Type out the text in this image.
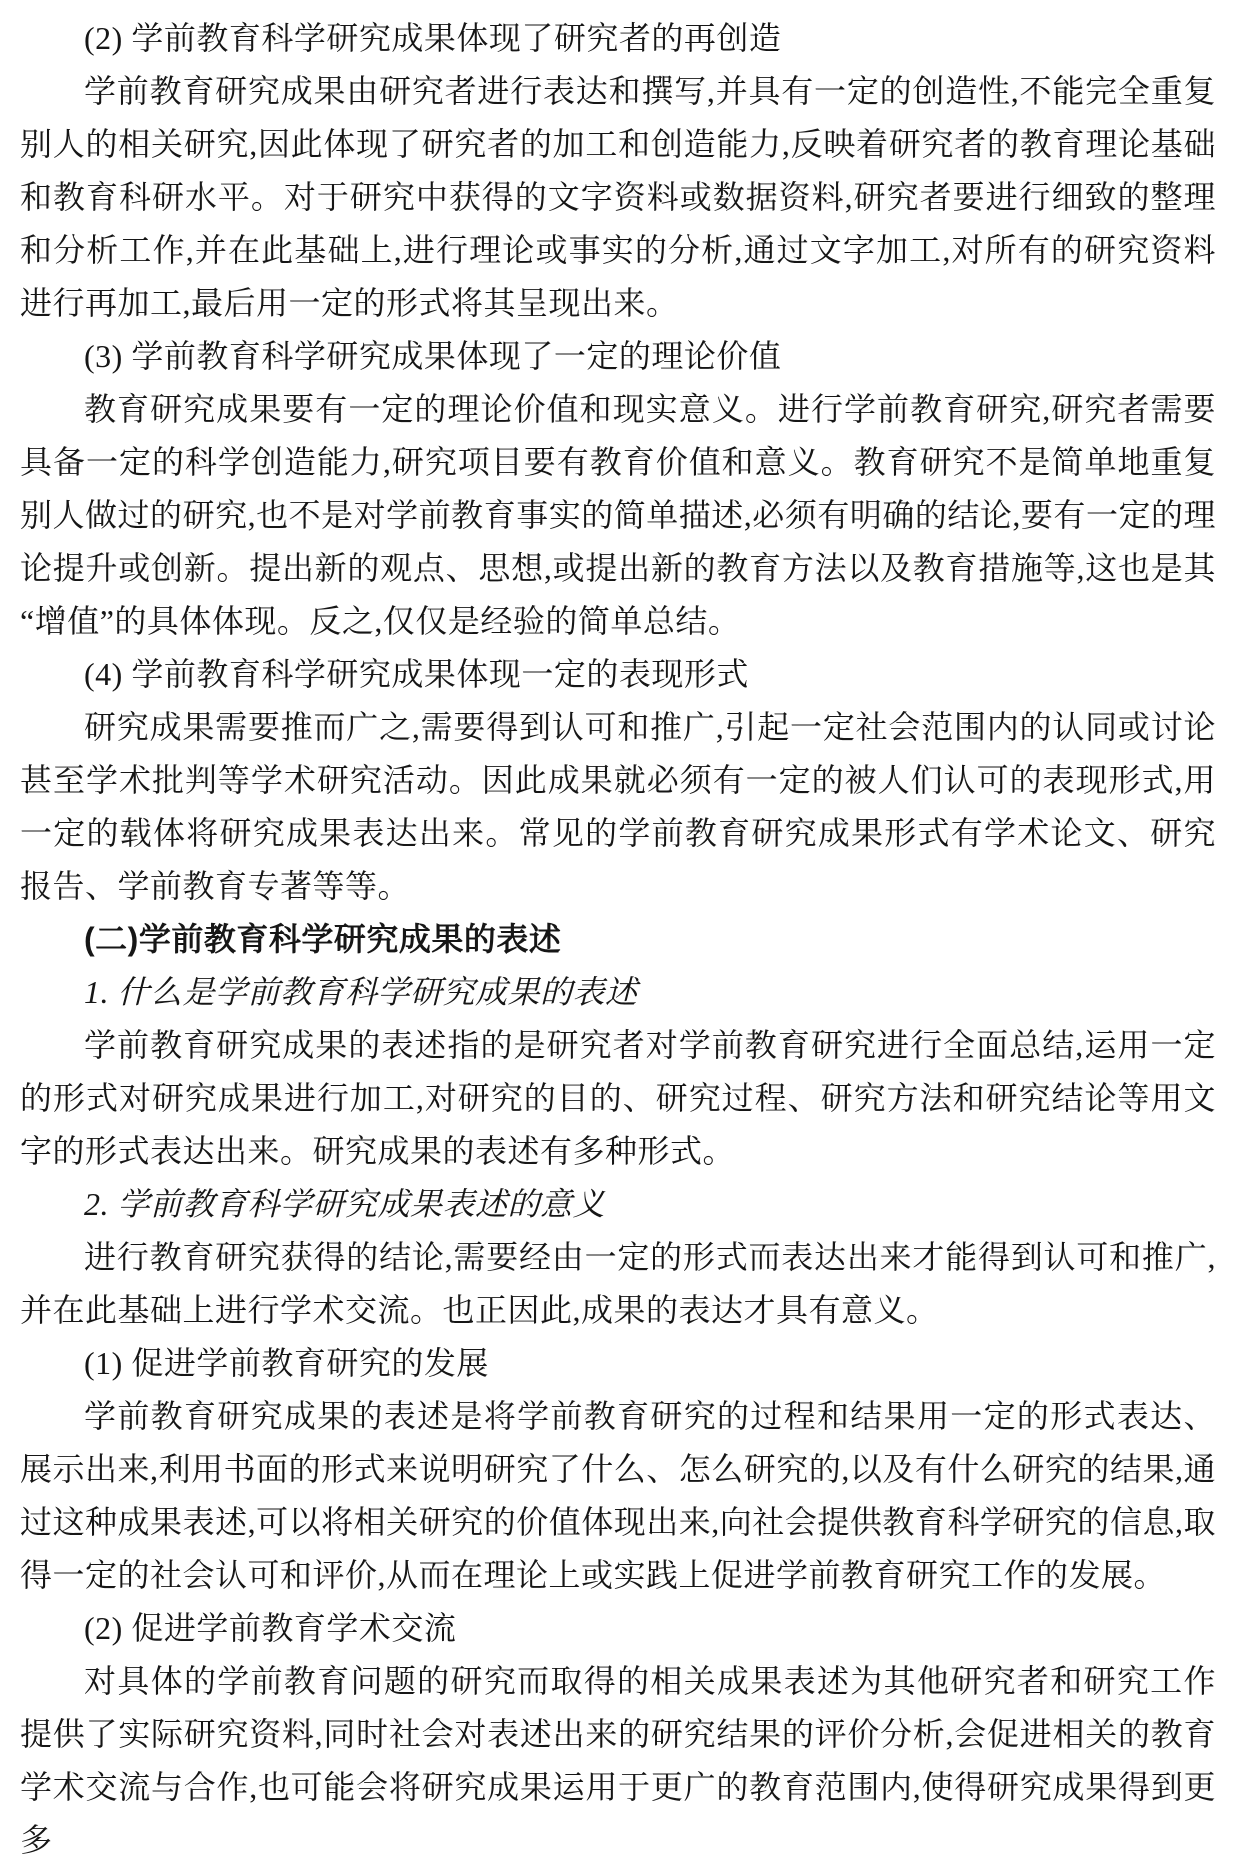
(2) 学前教育科学研究成果体现了研究者的再创造

学前教育研究成果由研究者进行表达和撰写,并具有一定的创造性,不能完全重复别人的相关研究,因此体现了研究者的加工和创造能力,反映着研究者的教育理论基础和教育科研水平。对于研究中获得的文字资料或数据资料,研究者要进行细致的整理和分析工作,并在此基础上,进行理论或事实的分析,通过文字加工,对所有的研究资料进行再加工,最后用一定的形式将其呈现出来。

(3) 学前教育科学研究成果体现了一定的理论价值

教育研究成果要有一定的理论价值和现实意义。进行学前教育研究,研究者需要具备一定的科学创造能力,研究项目要有教育价值和意义。教育研究不是简单地重复别人做过的研究,也不是对学前教育事实的简单描述,必须有明确的结论,要有一定的理论提升或创新。提出新的观点、思想,或提出新的教育方法以及教育措施等,这也是其“增值”的具体体现。反之,仅仅是经验的简单总结。

(4) 学前教育科学研究成果体现一定的表现形式

研究成果需要推而广之,需要得到认可和推广,引起一定社会范围内的认同或讨论甚至学术批判等学术研究活动。因此成果就必须有一定的被人们认可的表现形式,用一定的载体将研究成果表达出来。常见的学前教育研究成果形式有学术论文、研究报告、学前教育专著等等。

(二)学前教育科学研究成果的表述

1. 什么是学前教育科学研究成果的表述

学前教育研究成果的表述指的是研究者对学前教育研究进行全面总结,运用一定的形式对研究成果进行加工,对研究的目的、研究过程、研究方法和研究结论等用文字的形式表达出来。研究成果的表述有多种形式。

2. 学前教育科学研究成果表述的意义

进行教育研究获得的结论,需要经由一定的形式而表达出来才能得到认可和推广,并在此基础上进行学术交流。也正因此,成果的表达才具有意义。

(1) 促进学前教育研究的发展

学前教育研究成果的表述是将学前教育研究的过程和结果用一定的形式表达、展示出来,利用书面的形式来说明研究了什么、怎么研究的,以及有什么研究的结果,通过这种成果表述,可以将相关研究的价值体现出来,向社会提供教育科学研究的信息,取得一定的社会认可和评价,从而在理论上或实践上促进学前教育研究工作的发展。

(2) 促进学前教育学术交流

对具体的学前教育问题的研究而取得的相关成果表述为其他研究者和研究工作提供了实际研究资料,同时社会对表述出来的研究结果的评价分析,会促进相关的教育学术交流与合作,也可能会将研究成果运用于更广的教育范围内,使得研究成果得到更多
